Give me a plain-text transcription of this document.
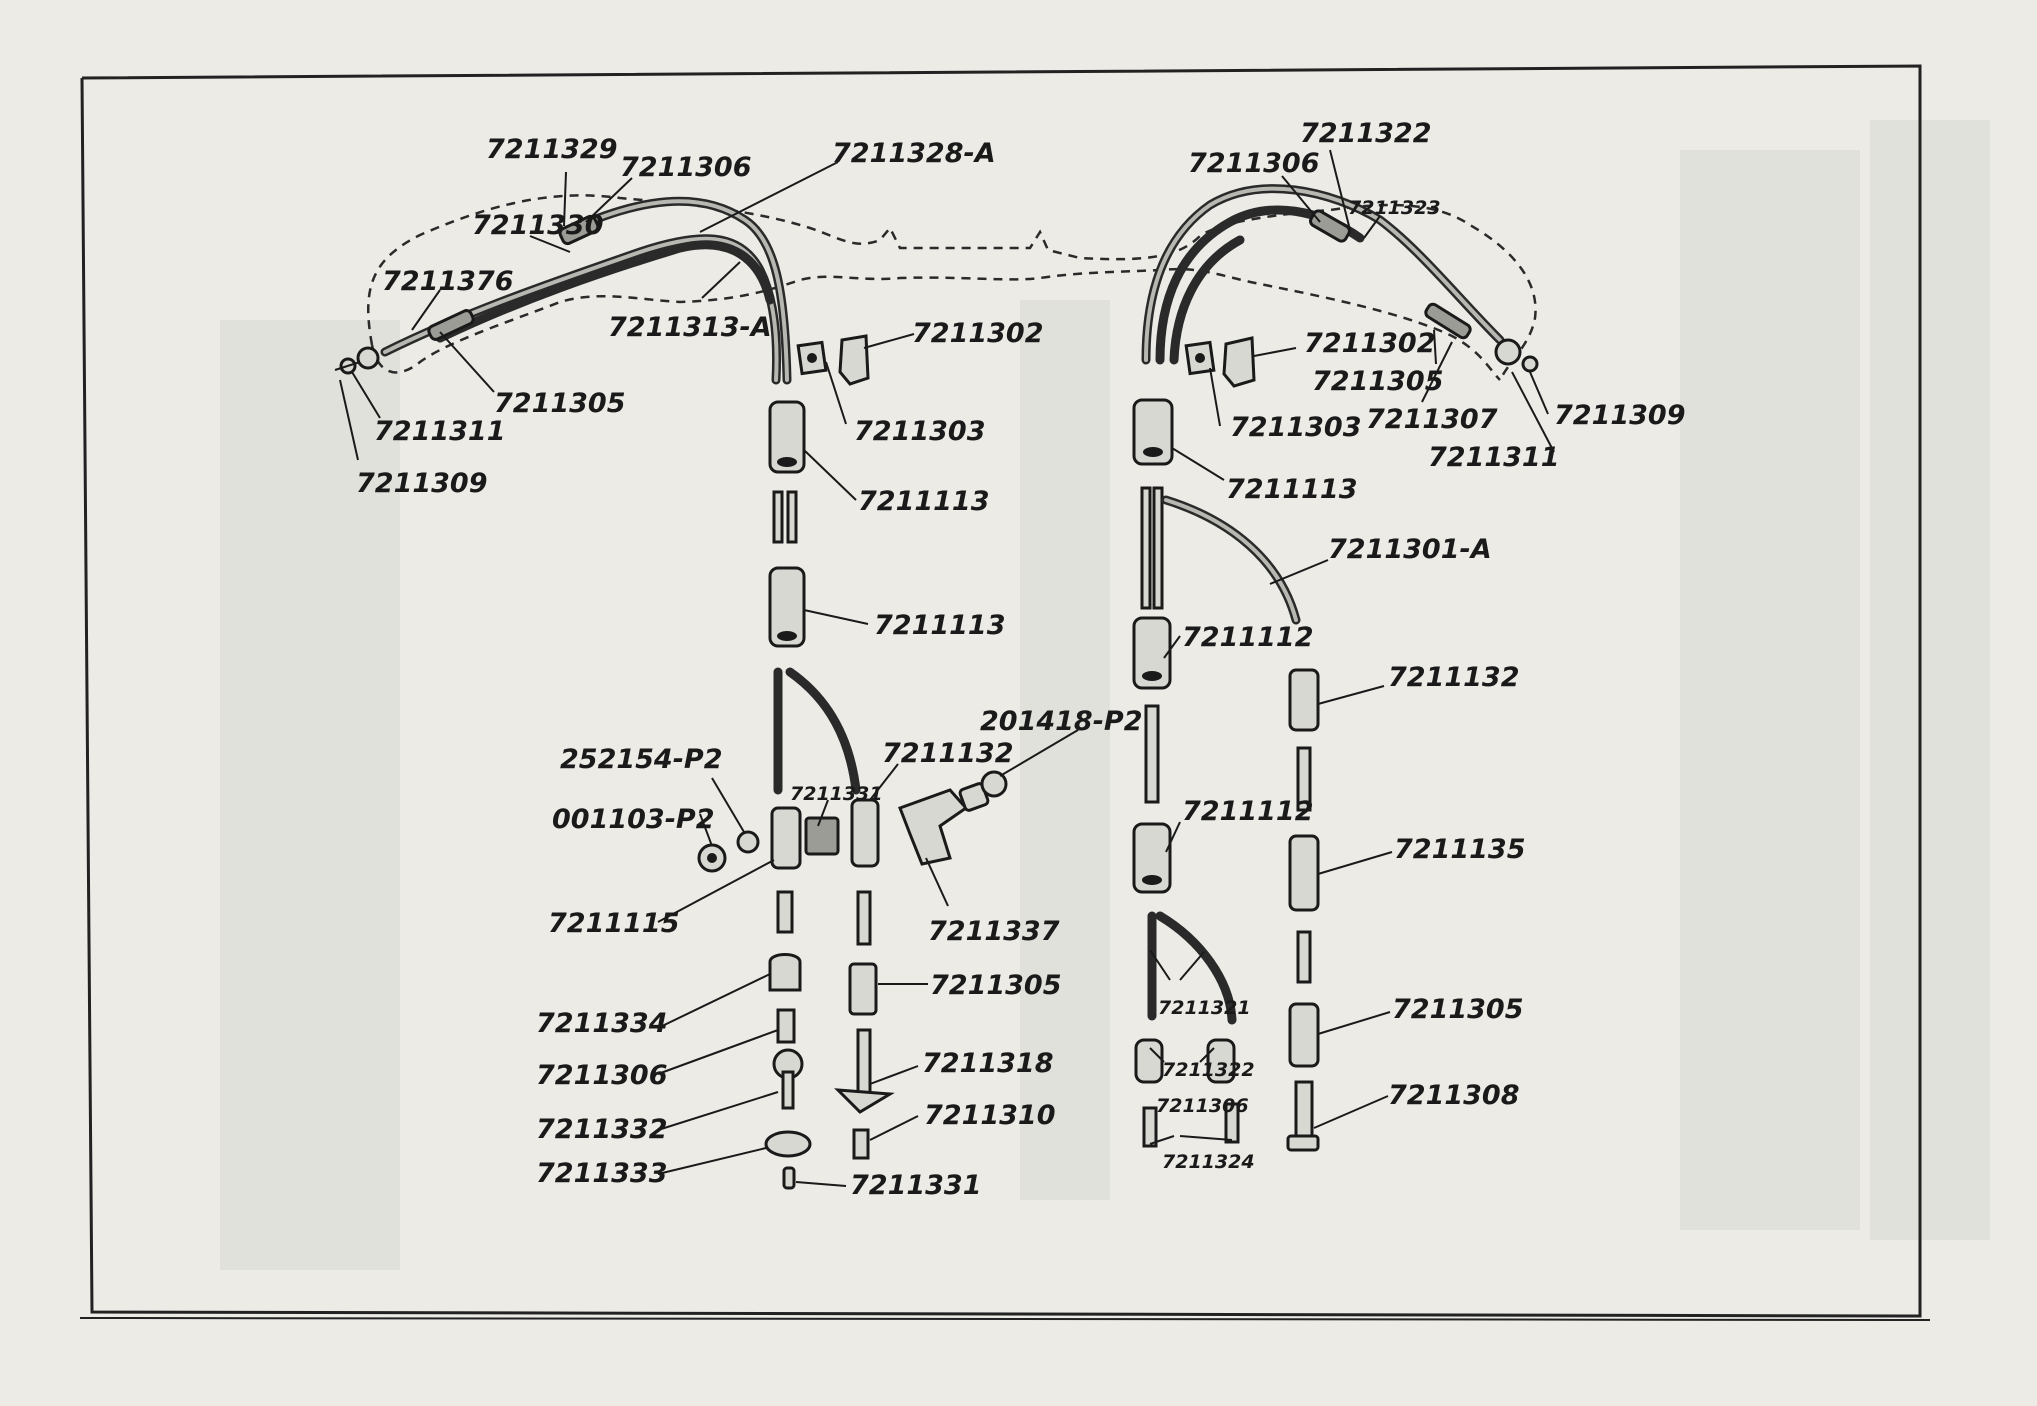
7211329
7211306	7211328-A
7211330
7211376
7211313-A
7211305
7211311
7211309
7211302
7211303
7211113
7211113
252154-P2
001103-P2
7211331
7211132
201418-P2
7211115	7211337
7211334
7211305
7211306	7211318
7211332	7211310
7211333	7211331
7211306
7211322
7211323
7211302
7211305
7211307 7211309
7211303
7211311
7211113
7211301-A
7211112
7211132
7211112
7211135
7211321	7211305
7211322
7211306	7211308
7211324
